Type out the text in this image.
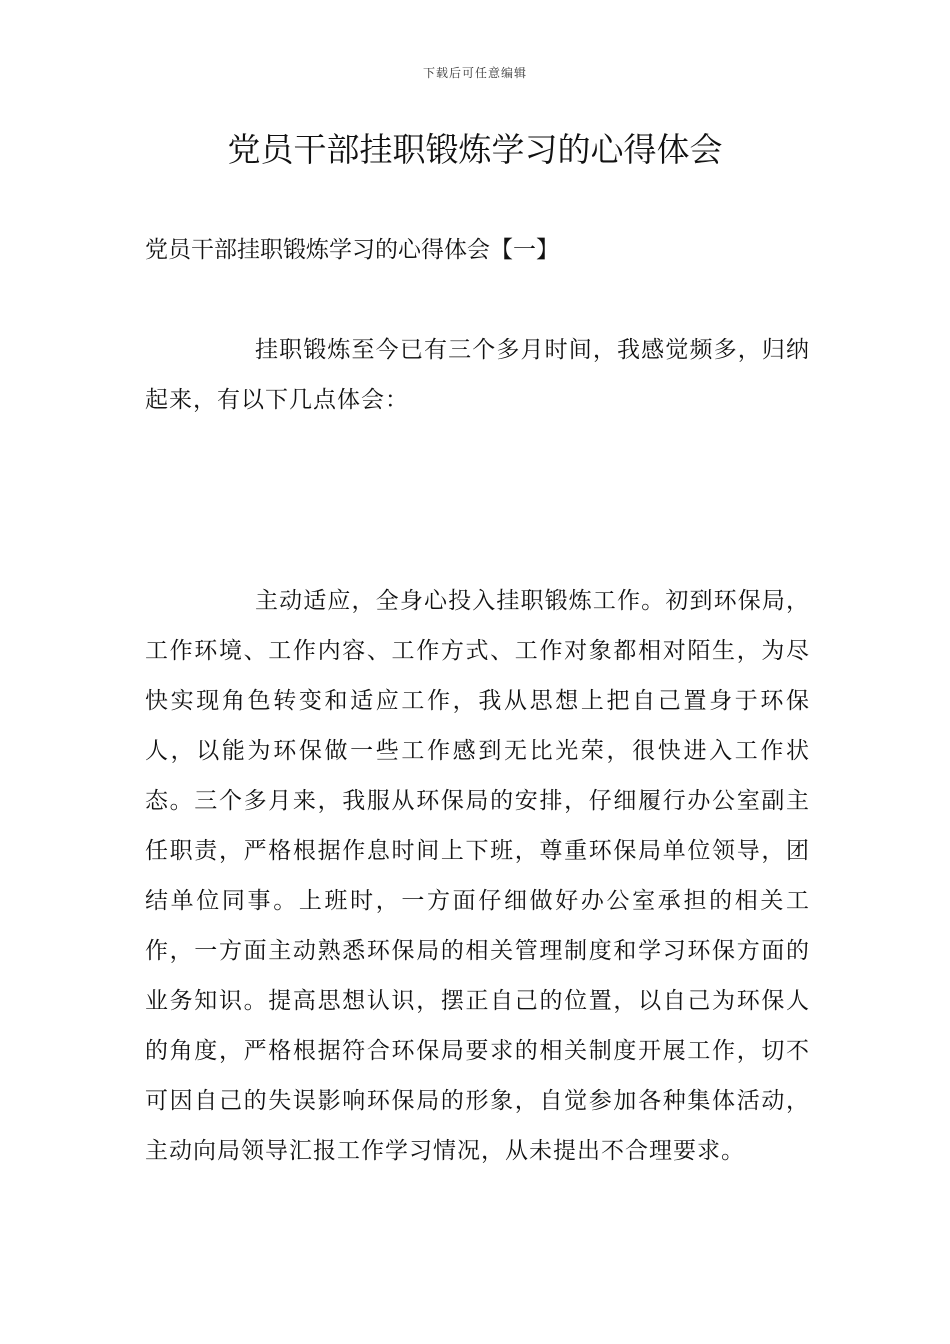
下载后可任意编辑
党员干部挂职锻炼学习的心得体会

党员干部挂职锻炼学习的心得体会【一】

挂职锻炼至今已有三个多月时间，我感觉频多，归纳起来，有以下几点体会：

主动适应，全身心投入挂职锻炼工作。初到环保局，工作环境、工作内容、工作方式、工作对象都相对陌生，为尽快实现角色转变和适应工作，我从思想上把自己置身于环保人，以能为环保做一些工作感到无比光荣，很快进入工作状态。三个多月来，我服从环保局的安排，仔细履行办公室副主任职责，严格根据作息时间上下班，尊重环保局单位领导，团结单位同事。上班时，一方面仔细做好办公室承担的相关工作，一方面主动熟悉环保局的相关管理制度和学习环保方面的业务知识。提高思想认识，摆正自己的位置，以自己为环保人的角度，严格根据符合环保局要求的相关制度开展工作，切不可因自己的失误影响环保局的形象，自觉参加各种集体活动，主动向局领导汇报工作学习情况，从未提出不合理要求。
